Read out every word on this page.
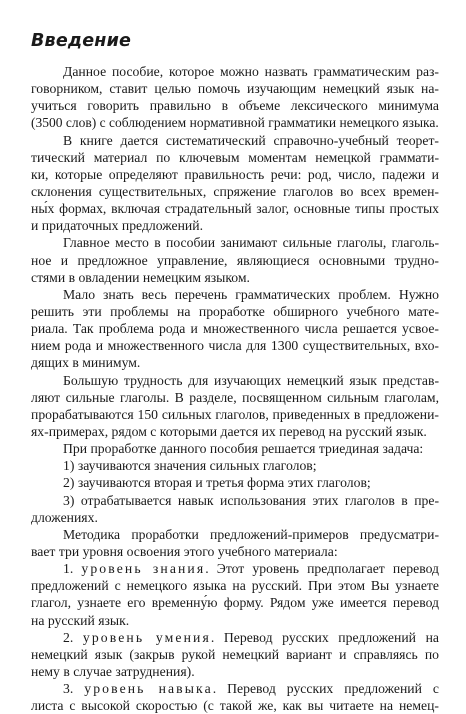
Введение
Данное пособие, которое можно назвать грамматическим раз-
говорником, ставит целью помочь изучающим немецкий язык на-
учиться говорить правильно в объеме лексического минимума
(3500 слов) с соблюдением нормативной грамматики немецкого языка.
В книге дается систематический справочно-учебный теорет-
тический материал по ключевым моментам немецкой граммати-
ки, которые определяют правильность речи: род, число, падежи и
склонения существительных, спряжение глаголов во всех времен-
ны́х формах, включая страдательный залог, основные типы простых
и придаточных предложений.
Главное место в пособии занимают сильные глаголы, глаголь-
ное и предложное управление, являющиеся основными трудно-
стями в овладении немецким языком.
Мало знать весь перечень грамматических проблем. Нужно
решить эти проблемы на проработке обширного учебного мате-
риала. Так проблема рода и множественного числа решается усвое-
нием рода и множественного числа для 1300 существительных, вхо-
дящих в минимум.
Большую трудность для изучающих немецкий язык представ-
ляют сильные глаголы. В разделе, посвященном сильным глаголам,
прорабатываются 150 сильных глаголов, приведенных в предложени-
ях-примерах, рядом с которыми дается их перевод на русский язык.
При проработке данного пособия решается триединая задача:
1) заучиваются значения сильных глаголов;
2) заучиваются вторая и третья форма этих глаголов;
3) отрабатывается навык использования этих глаголов в пре-
дложениях.
Методика проработки предложений-примеров предусматри-
вает три уровня освоения этого учебного материала:
1. уровень знания. Этот уровень предполагает перевод
предложений с немецкого языка на русский. При этом Вы узнаете
глагол, узнаете его временну́ю форму. Рядом уже имеется перевод
на русский язык.
2. уровень умения. Перевод русских предложений на
немецкий язык (закрыв рукой немецкий вариант и справляясь по
нему в случае затруднения).
3. уровень навыка. Перевод русских предложений с
листа с высокой скоростью (с такой же, как вы читаете на немец-
